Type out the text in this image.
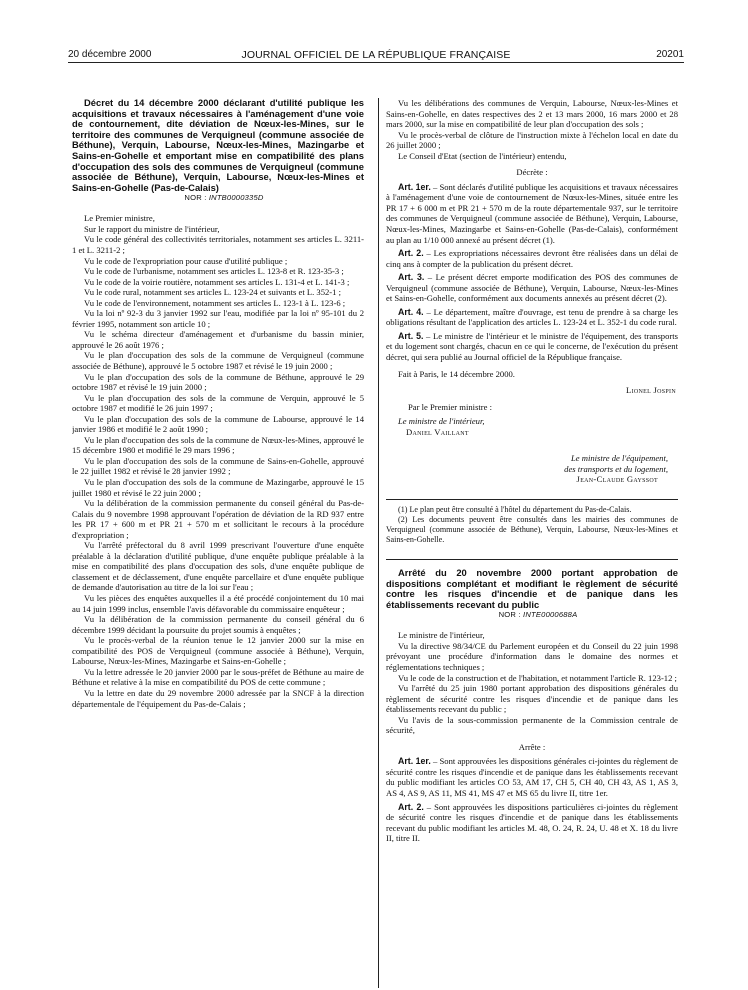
20 décembre 2000	JOURNAL OFFICIEL DE LA RÉPUBLIQUE FRANÇAISE	20201

Décret du 14 décembre 2000 déclarant d'utilité publique les acquisitions et travaux nécessaires à l'aménagement d'une voie de contournement, dite déviation de Nœux-les-Mines, sur le territoire des communes de Verquigneul (commune associée de Béthune), Verquin, Labourse, Nœux-les-Mines, Mazingarbe et Sains-en-Gohelle et emportant mise en compatibilité des plans d'occupation des sols des communes de Verquigneul (commune associée de Béthune), Verquin, Labourse, Nœux-les-Mines et Sains-en-Gohelle (Pas-de-Calais)

NOR : INTB0000335D

Le Premier ministre,

Sur le rapport du ministre de l'intérieur,

Vu le code général des collectivités territoriales, notamment ses articles L. 3211-1 et L. 3211-2 ;

Vu le code de l'expropriation pour cause d'utilité publique ;

Vu le code de l'urbanisme, notamment ses articles L. 123-8 et R. 123-35-3 ;

Vu le code de la voirie routière, notamment ses articles L. 131-4 et L. 141-3 ;

Vu le code rural, notamment ses articles L. 123-24 et suivants et L. 352-1 ;

Vu le code de l'environnement, notamment ses articles L. 123-1 à L. 123-6 ;

Vu la loi nº 92-3 du 3 janvier 1992 sur l'eau, modifiée par la loi nº 95-101 du 2 février 1995, notamment son article 10 ;

Vu le schéma directeur d'aménagement et d'urbanisme du bassin minier, approuvé le 26 août 1976 ;

Vu le plan d'occupation des sols de la commune de Verquigneul (commune associée de Béthune), approuvé le 5 octobre 1987 et révisé le 19 juin 2000 ;

Vu le plan d'occupation des sols de la commune de Béthune, approuvé le 29 octobre 1987 et révisé le 19 juin 2000 ;

Vu le plan d'occupation des sols de la commune de Verquin, approuvé le 5 octobre 1987 et modifié le 26 juin 1997 ;

Vu le plan d'occupation des sols de la commune de Labourse, approuvé le 14 janvier 1986 et modifié le 2 août 1990 ;

Vu le plan d'occupation des sols de la commune de Nœux-les-Mines, approuvé le 15 décembre 1980 et modifié le 29 mars 1996 ;

Vu le plan d'occupation des sols de la commune de Sains-en-Gohelle, approuvé le 22 juillet 1982 et révisé le 28 janvier 1992 ;

Vu le plan d'occupation des sols de la commune de Mazingarbe, approuvé le 15 juillet 1980 et révisé le 22 juin 2000 ;

Vu la délibération de la commission permanente du conseil général du Pas-de-Calais du 9 novembre 1998 approuvant l'opération de déviation de la RD 937 entre les PR 17 + 600 m et PR 21 + 570 m et sollicitant le recours à la procédure d'expropriation ;

Vu l'arrêté préfectoral du 8 avril 1999 prescrivant l'ouverture d'une enquête préalable à la déclaration d'utilité publique, d'une enquête publique préalable à la mise en compatibilité des plans d'occupation des sols, d'une enquête publique de classement et de déclassement, d'une enquête parcellaire et d'une enquête publique de demande d'autorisation au titre de la loi sur l'eau ;

Vu les pièces des enquêtes auxquelles il a été procédé conjointement du 10 mai au 14 juin 1999 inclus, ensemble l'avis défavorable du commissaire enquêteur ;

Vu la délibération de la commission permanente du conseil général du 6 décembre 1999 décidant la poursuite du projet soumis à enquêtes ;

Vu le procès-verbal de la réunion tenue le 12 janvier 2000 sur la mise en compatibilité des POS de Verquigneul (commune associée à Béthune), Verquin, Labourse, Nœux-les-Mines, Mazingarbe et Sains-en-Gohelle ;

Vu la lettre adressée le 20 janvier 2000 par le sous-préfet de Béthune au maire de Béthune et relative à la mise en compatibilité du POS de cette commune ;

Vu la lettre en date du 29 novembre 2000 adressée par la SNCF à la direction départementale de l'équipement du Pas-de-Calais ;

Vu les délibérations des communes de Verquin, Labourse, Nœux-les-Mines et Sains-en-Gohelle, en dates respectives des 2 et 13 mars 2000, 16 mars 2000 et 28 mars 2000, sur la mise en compatibilité de leur plan d'occupation des sols ;

Vu le procès-verbal de clôture de l'instruction mixte à l'échelon local en date du 26 juillet 2000 ;

Le Conseil d'Etat (section de l'intérieur) entendu,

Décrète :

Art. 1er. – Sont déclarés d'utilité publique les acquisitions et travaux nécessaires à l'aménagement d'une voie de contournement de Nœux-les-Mines, située entre les PR 17 + 6 000 m et PR 21 + 570 m de la route départementale 937, sur le territoire des communes de Verquigneul (commune associée de Béthune), Verquin, Labourse, Nœux-les-Mines, Mazingarbe et Sains-en-Gohelle (Pas-de-Calais), conformément au plan au 1/10 000 annexé au présent décret (1).

Art. 2. – Les expropriations nécessaires devront être réalisées dans un délai de cinq ans à compter de la publication du présent décret.

Art. 3. – Le présent décret emporte modification des POS des communes de Verquigneul (commune associée de Béthune), Verquin, Labourse, Nœux-les-Mines et Sains-en-Gohelle, conformément aux documents annexés au présent décret (2).

Art. 4. – Le département, maître d'ouvrage, est tenu de prendre à sa charge les obligations résultant de l'application des articles L. 123-24 et L. 352-1 du code rural.

Art. 5. – Le ministre de l'intérieur et le ministre de l'équipement, des transports et du logement sont chargés, chacun en ce qui le concerne, de l'exécution du présent décret, qui sera publié au Journal officiel de la République française.

Fait à Paris, le 14 décembre 2000.

Lionel Jospin

Par le Premier ministre :

Le ministre de l'intérieur,

Daniel Vaillant

Le ministre de l'équipement,

des transports et du logement,

Jean-Claude Gayssot

(1) Le plan peut être consulté à l'hôtel du département du Pas-de-Calais.

(2) Les documents peuvent être consultés dans les mairies des communes de Verquigneul (commune associée de Béthune), Verquin, Labourse, Nœux-les-Mines et Sains-en-Gohelle.

Arrêté du 20 novembre 2000 portant approbation de dispositions complétant et modifiant le règlement de sécurité contre les risques d'incendie et de panique dans les établissements recevant du public

NOR : INTE0000688A

Le ministre de l'intérieur,

Vu la directive 98/34/CE du Parlement européen et du Conseil du 22 juin 1998 prévoyant une procédure d'information dans le domaine des normes et réglementations techniques ;

Vu le code de la construction et de l'habitation, et notamment l'article R. 123-12 ;

Vu l'arrêté du 25 juin 1980 portant approbation des dispositions générales du règlement de sécurité contre les risques d'incendie et de panique dans les établissements recevant du public ;

Vu l'avis de la sous-commission permanente de la Commission centrale de sécurité,

Arrête :

Art. 1er. – Sont approuvées les dispositions générales ci-jointes du règlement de sécurité contre les risques d'incendie et de panique dans les établissements recevant du public modifiant les articles CO 53, AM 17, CH 5, CH 40, CH 43, AS 1, AS 3, AS 4, AS 9, AS 11, MS 41, MS 47 et MS 65 du livre II, titre 1er.

Art. 2. – Sont approuvées les dispositions particulières ci-jointes du règlement de sécurité contre les risques d'incendie et de panique dans les établissements recevant du public modifiant les articles M. 48, O. 24, R. 24, U. 48 et X. 18 du livre II, titre II.
